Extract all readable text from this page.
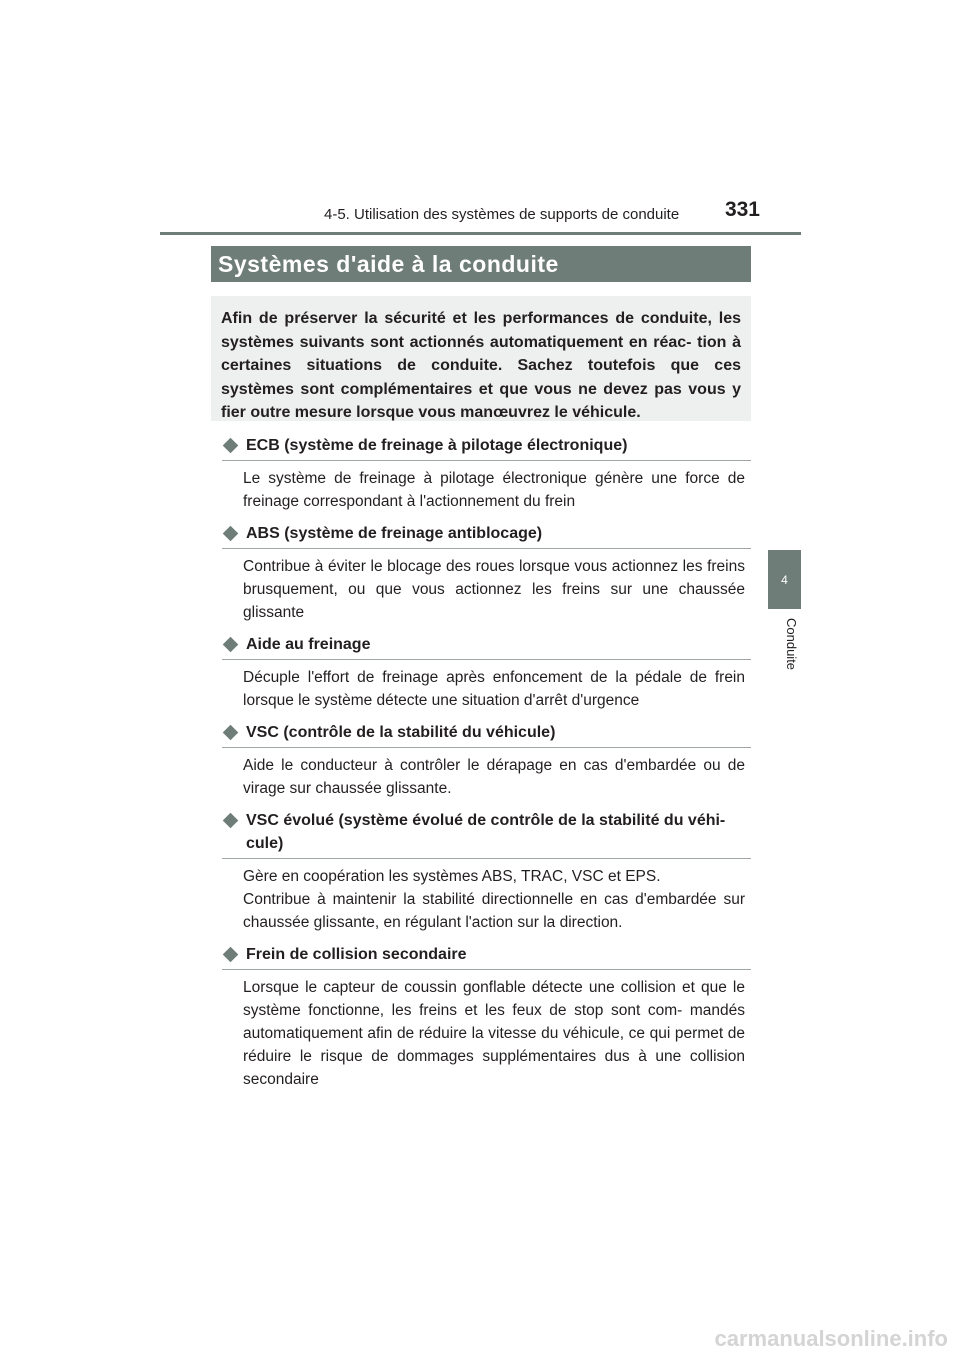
4-5. Utilisation des systèmes de supports de conduite 331
4
Conduite
Systèmes d'aide à la conduite
Afin de préserver la sécurité et les performances de conduite, les systèmes suivants sont actionnés automatiquement en réac- tion à certaines situations de conduite. Sachez toutefois que ces systèmes sont complémentaires et que vous ne devez pas vous y fier outre mesure lorsque vous manœuvrez le véhicule.
ECB (système de freinage à pilotage électronique)

Le système de freinage à pilotage électronique génère une force de freinage correspondant à l'actionnement du frein

ABS (système de freinage antiblocage)

Contribue à éviter le blocage des roues lorsque vous actionnez les freins brusquement, ou que vous actionnez les freins sur une chaussée glissante

Aide au freinage

Décuple l'effort de freinage après enfoncement de la pédale de frein lorsque le système détecte une situation d'arrêt d'urgence

VSC (contrôle de la stabilité du véhicule)

Aide le conducteur à contrôler le dérapage en cas d'embardée ou de virage sur chaussée glissante.

VSC évolué (système évolué de contrôle de la stabilité du véhi- cule)

Gère en coopération les systèmes ABS, TRAC, VSC et EPS.

Contribue à maintenir la stabilité directionnelle en cas d'embardée sur chaussée glissante, en régulant l'action sur la direction.

Frein de collision secondaire

Lorsque le capteur de coussin gonflable détecte une collision et que le système fonctionne, les freins et les feux de stop sont com- mandés automatiquement afin de réduire la vitesse du véhicule, ce qui permet de réduire le risque de dommages supplémentaires dus à une collision secondaire

carmanualsonline.info
